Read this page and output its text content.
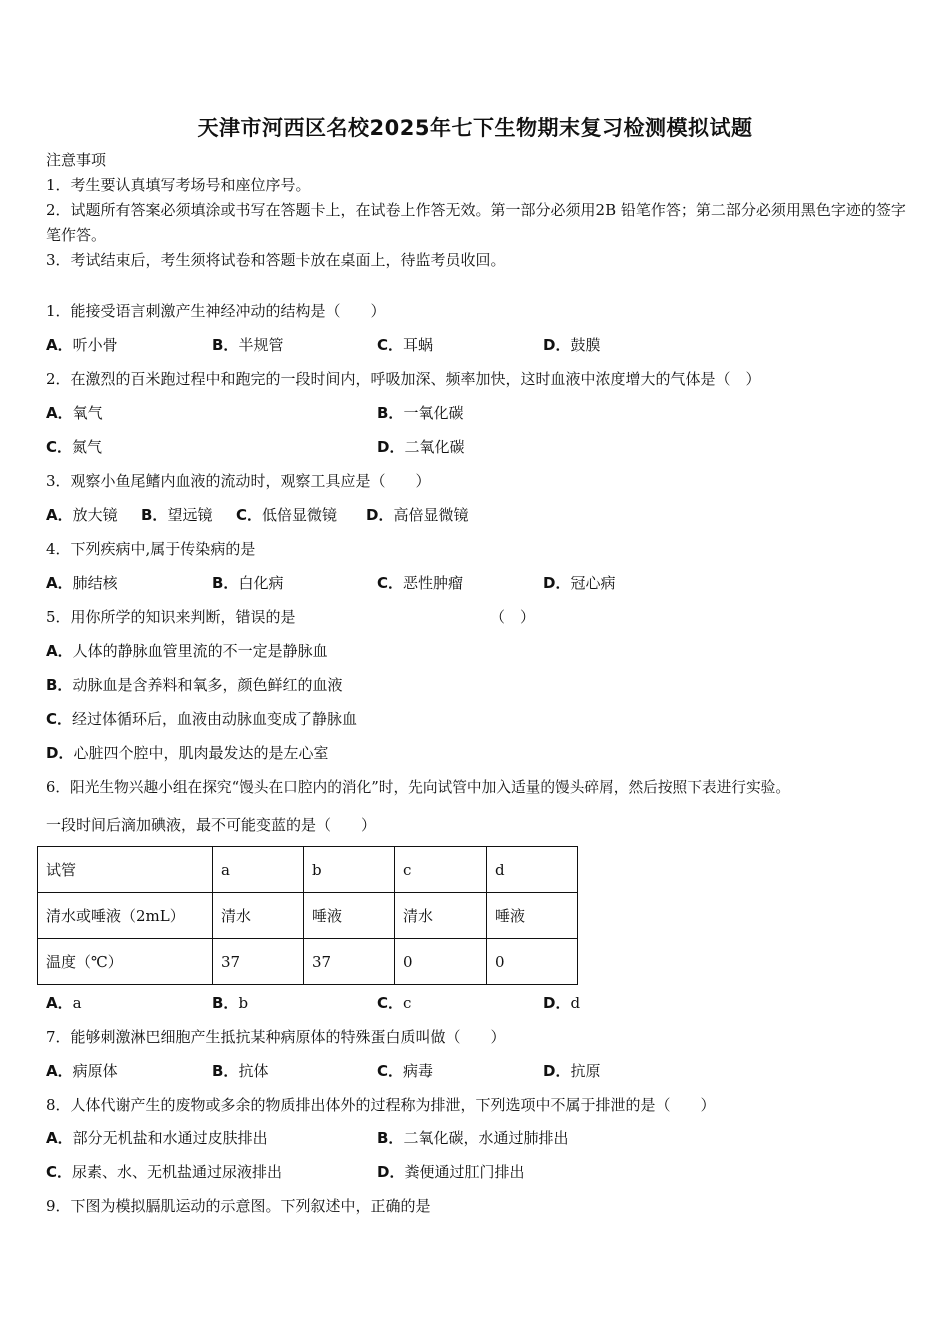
天津市河西区名校2025年七下生物期末复习检测模拟试题
注意事项
1．考生要认真填写考场号和座位序号。
2．试题所有答案必须填涂或书写在答题卡上，在试卷上作答无效。第一部分必须用2B 铅笔作答；第二部分必须用黑色字迹的签字笔作答。
3．考试结束后，考生须将试卷和答题卡放在桌面上，待监考员收回。
1．能接受语言刺激产生神经冲动的结构是（　　）
A．听小骨	B．半规管	C．耳蜗	D．鼓膜
2．在激烈的百米跑过程中和跑完的一段时间内，呼吸加深、频率加快，这时血液中浓度增大的气体是（　）
A．氧气	B．一氧化碳
C．氮气	D．二氧化碳
3．观察小鱼尾鳍内血液的流动时，观察工具应是（　　）
A．放大镜 B．望远镜 C．低倍显微镜 D．高倍显微镜
4．下列疾病中,属于传染病的是
A．肺结核	B．白化病	C．恶性肿瘤	D．冠心病
5．用你所学的知识来判断，错误的是	（　）
A．人体的静脉血管里流的不一定是静脉血
B．动脉血是含养料和氧多，颜色鲜红的血液
C．经过体循环后，血液由动脉血变成了静脉血
D．心脏四个腔中，肌肉最发达的是左心室
6．阳光生物兴趣小组在探究“馒头在口腔内的消化”时，先向试管中加入适量的馒头碎屑，然后按照下表进行实验。
一段时间后滴加碘液，最不可能变蓝的是（　　）
试管	a	b	c	d
清水或唾液（2mL）	清水	唾液	清水	唾液
温度（℃）	37	37	0	0
A．a	B．b	C．c	D．d
7．能够刺激淋巴细胞产生抵抗某种病原体的特殊蛋白质叫做（　　）
A．病原体	B．抗体	C．病毒	D．抗原
8．人体代谢产生的废物或多余的物质排出体外的过程称为排泄，下列选项中不属于排泄的是（　　）
A．部分无机盐和水通过皮肤排出	B．二氧化碳，水通过肺排出
C．尿素、水、无机盐通过尿液排出	D．粪便通过肛门排出
9．下图为模拟膈肌运动的示意图。下列叙述中，正确的是
